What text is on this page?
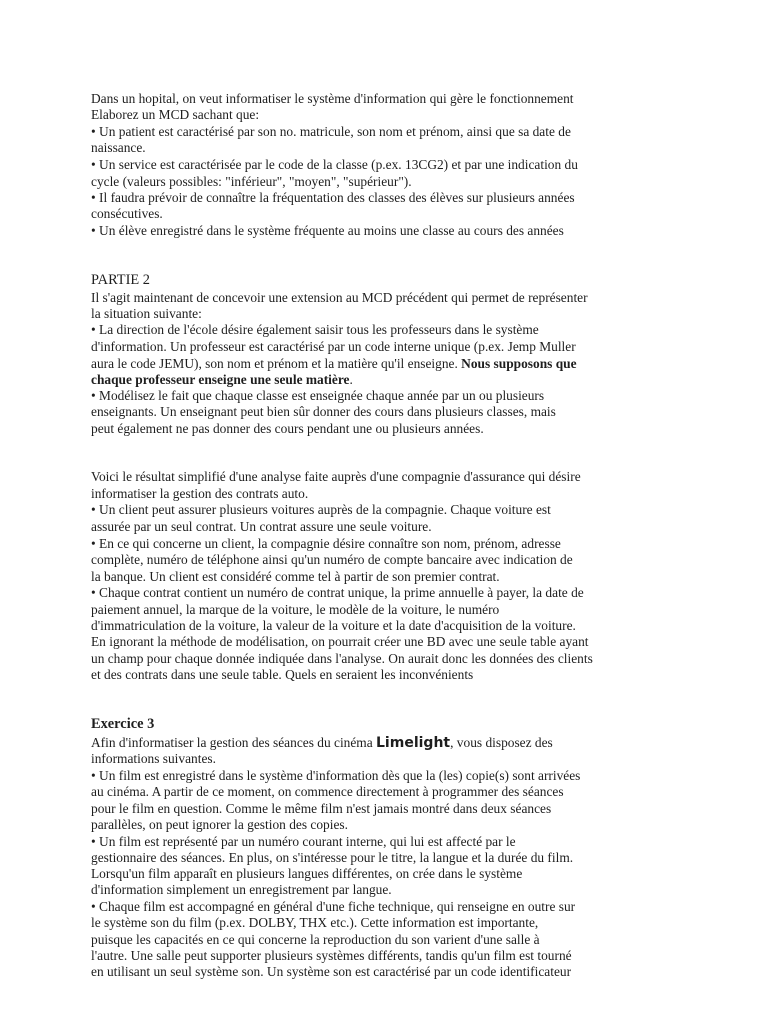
Dans un hopital, on veut informatiser le système d'information qui gère le fonctionnement
Elaborez un MCD sachant que:
• Un patient est caractérisé par son no. matricule, son nom et prénom, ainsi que sa date de
naissance.
• Un service est caractérisée par le code de la classe (p.ex. 13CG2) et par une indication du
cycle (valeurs possibles: "inférieur", "moyen", "supérieur").
• Il faudra prévoir de connaître la fréquentation des classes des élèves sur plusieurs années
consécutives.
• Un élève enregistré dans le système fréquente au moins une classe au cours des années
PARTIE 2
Il s'agit maintenant de concevoir une extension au MCD précédent qui permet de représenter
la situation suivante:
• La direction de l'école désire également saisir tous les professeurs dans le système
d'information. Un professeur est caractérisé par un code interne unique (p.ex. Jemp Muller
aura le code JEMU), son nom et prénom et la matière qu'il enseigne. Nous supposons que
chaque professeur enseigne une seule matière.
• Modélisez le fait que chaque classe est enseignée chaque année par un ou plusieurs
enseignants. Un enseignant peut bien sûr donner des cours dans plusieurs classes, mais
peut également ne pas donner des cours pendant une ou plusieurs années.
Voici le résultat simplifié d'une analyse faite auprès d'une compagnie d'assurance qui désire
informatiser la gestion des contrats auto.
• Un client peut assurer plusieurs voitures auprès de la compagnie. Chaque voiture est
assurée par un seul contrat. Un contrat assure une seule voiture.
• En ce qui concerne un client, la compagnie désire connaître son nom, prénom, adresse
complète, numéro de téléphone ainsi qu'un numéro de compte bancaire avec indication de
la banque. Un client est considéré comme tel à partir de son premier contrat.
• Chaque contrat contient un numéro de contrat unique, la prime annuelle à payer, la date de
paiement annuel, la marque de la voiture, le modèle de la voiture, le numéro
d'immatriculation de la voiture, la valeur de la voiture et la date d'acquisition de la voiture.
En ignorant la méthode de modélisation, on pourrait créer une BD avec une seule table ayant
un champ pour chaque donnée indiquée dans l'analyse. On aurait donc les données des clients
et des contrats dans une seule table. Quels en seraient les inconvénients
Exercice 3
Afin d'informatiser la gestion des séances du cinéma Limelight, vous disposez des
informations suivantes.
• Un film est enregistré dans le système d'information dès que la (les) copie(s) sont arrivées
au cinéma. A partir de ce moment, on commence directement à programmer des séances
pour le film en question. Comme le même film n'est jamais montré dans deux séances
parallèles, on peut ignorer la gestion des copies.
• Un film est représenté par un numéro courant interne, qui lui est affecté par le
gestionnaire des séances. En plus, on s'intéresse pour le titre, la langue et la durée du film.
Lorsqu'un film apparaît en plusieurs langues différentes, on crée dans le système
d'information simplement un enregistrement par langue.
• Chaque film est accompagné en général d'une fiche technique, qui renseigne en outre sur
le système son du film (p.ex. DOLBY, THX etc.). Cette information est importante,
puisque les capacités en ce qui concerne la reproduction du son varient d'une salle à
l'autre. Une salle peut supporter plusieurs systèmes différents, tandis qu'un film est tourné
en utilisant un seul système son. Un système son est caractérisé par un code identificateur
